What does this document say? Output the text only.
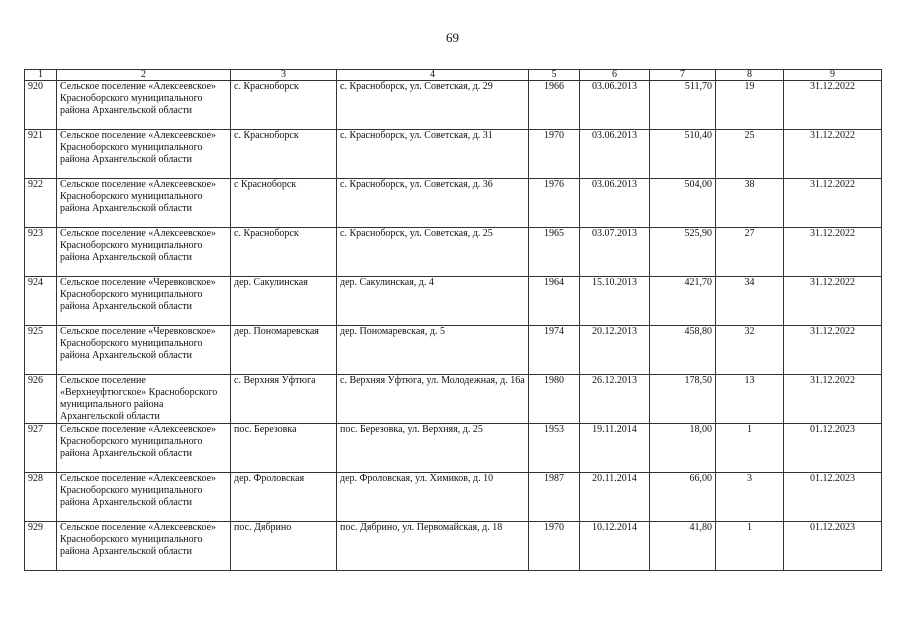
69
1	2	3	4	5	6	7	8	9
920	Сельское поселение «Алексеевское» Красноборского муниципального района Архангельской области	с. Красноборск	с. Красноборск, ул. Советская, д. 29	1966	03.06.2013	511,70	19	31.12.2022
921	Сельское поселение «Алексеевское» Красноборского муниципального района Архангельской области	с. Красноборск	с. Красноборск, ул. Советская, д. 31	1970	03.06.2013	510,40	25	31.12.2022
922	Сельское поселение «Алексеевское» Красноборского муниципального района Архангельской области	с Красноборск	с. Красноборск, ул. Советская, д. 36	1976	03.06.2013	504,00	38	31.12.2022
923	Сельское поселение «Алексеевское» Красноборского муниципального района Архангельской области	с. Красноборск	с. Красноборск, ул. Советская, д. 25	1965	03.07.2013	525,90	27	31.12.2022
924	Сельское поселение «Черевковское» Красноборского муниципального района Архангельской области	дер. Сакулинская	дер. Сакулинская, д. 4	1964	15.10.2013	421,70	34	31.12.2022
925	Сельское поселение «Черевковское» Красноборского муниципального района Архангельской области	дер. Пономаревская	дер. Пономаревская, д. 5	1974	20.12.2013	458,80	32	31.12.2022
926	Сельское поселение «Верхнеуфтюгское» Красноборского муниципального района Архангельской области	с. Верхняя Уфтюга	с. Верхняя Уфтюга, ул. Молодежная, д. 16а	1980	26.12.2013	178,50	13	31.12.2022
927	Сельское поселение «Алексеевское» Красноборского муниципального района Архангельской области	пос. Березовка	пос. Березовка, ул. Верхняя, д. 25	1953	19.11.2014	18,00	1	01.12.2023
928	Сельское поселение «Алексеевское» Красноборского муниципального района Архангельской области	дер. Фроловская	дер. Фроловская, ул. Химиков, д. 10	1987	20.11.2014	66,00	3	01.12.2023
929	Сельское поселение «Алексеевское» Красноборского муниципального района Архангельской области	пос. Дябрино	пос. Дябрино, ул. Первомайская, д. 18	1970	10.12.2014	41,80	1	01.12.2023
